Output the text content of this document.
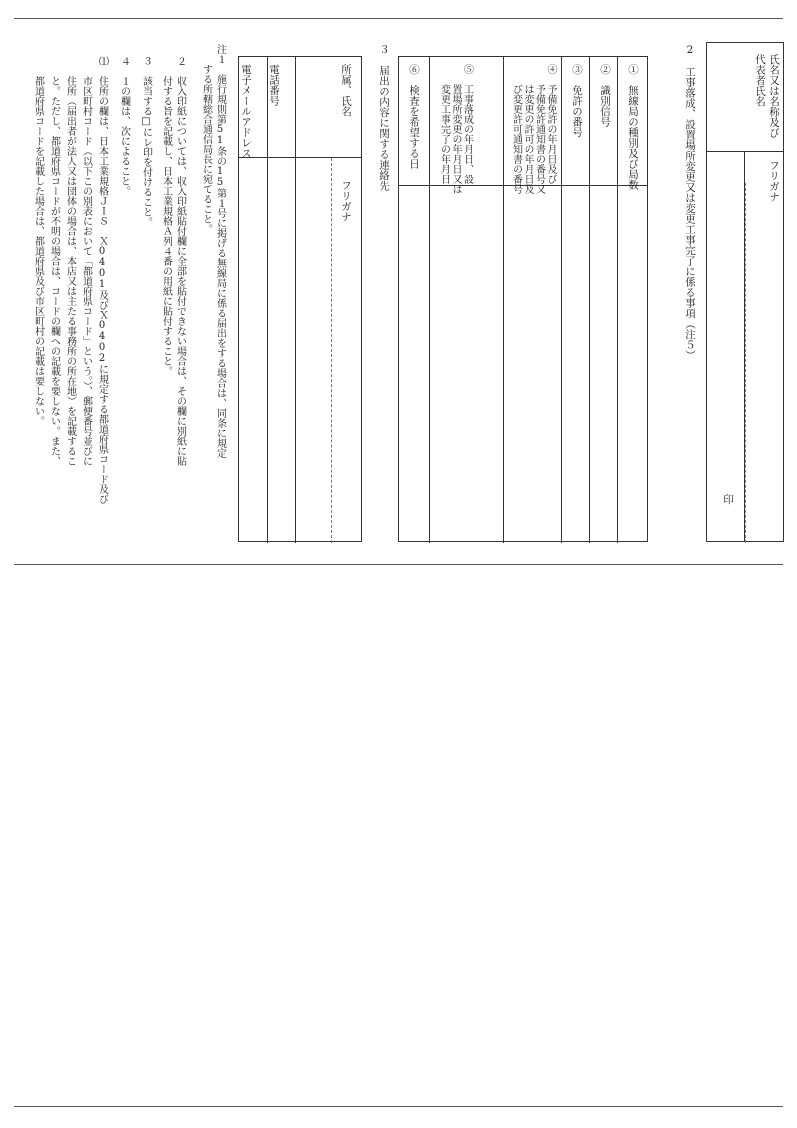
2　工事落成、設置場所変更又は変更工事完了に係る事項（注５）	氏名又は名称及び
代表者氏名
フリガナ
印
①　無線局の種別及び局数
②　識別信号
③　免許の番号
④　予備免許の年月日及び
　　予備免許通知書の番号又
　　は変更の許可の年月日及
　　び変更許可通知書の番号
⑤　工事落成の年月日、設
　　置場所変更の年月日又は
　　変更工事完了の年月日
⑥　検査を希望する日
３　届出の内容に関する連絡先
所属、氏名
フリガナ
電話番号
電子メールアドレス
注１　施行規則第51条の15第１号に掲げる無線局に係る届出をする場合は、同条に規定
　　する所轄総合通信局長に宛てること。
２　収入印紙については、収入印紙貼付欄に全部を貼付できない場合は、その欄に別紙に貼
　　付する旨を記載し、日本工業規格Ａ列４番の用紙に貼付すること。
３　該当する□にレ印を付けること。
４　１の欄は、次によること。
⑴　住所の欄は、日本工業規格ＪＩＳ　Ｘ0401及びＸ0402に規定する都道府県コード及び
　　市区町村コード（以下この別表において「都道府県コード」という。）、郵便番号並びに
　　住所（届出者が法人又は団体の場合は、本店又は主たる事務所の所在地）を記載するこ
　　と。ただし、都道府県コードが不明の場合は、コードの欄への記載を要しない。また、
　　都道府県コードを記載した場合は、都道府県及び市区町村の記載は要しない。
